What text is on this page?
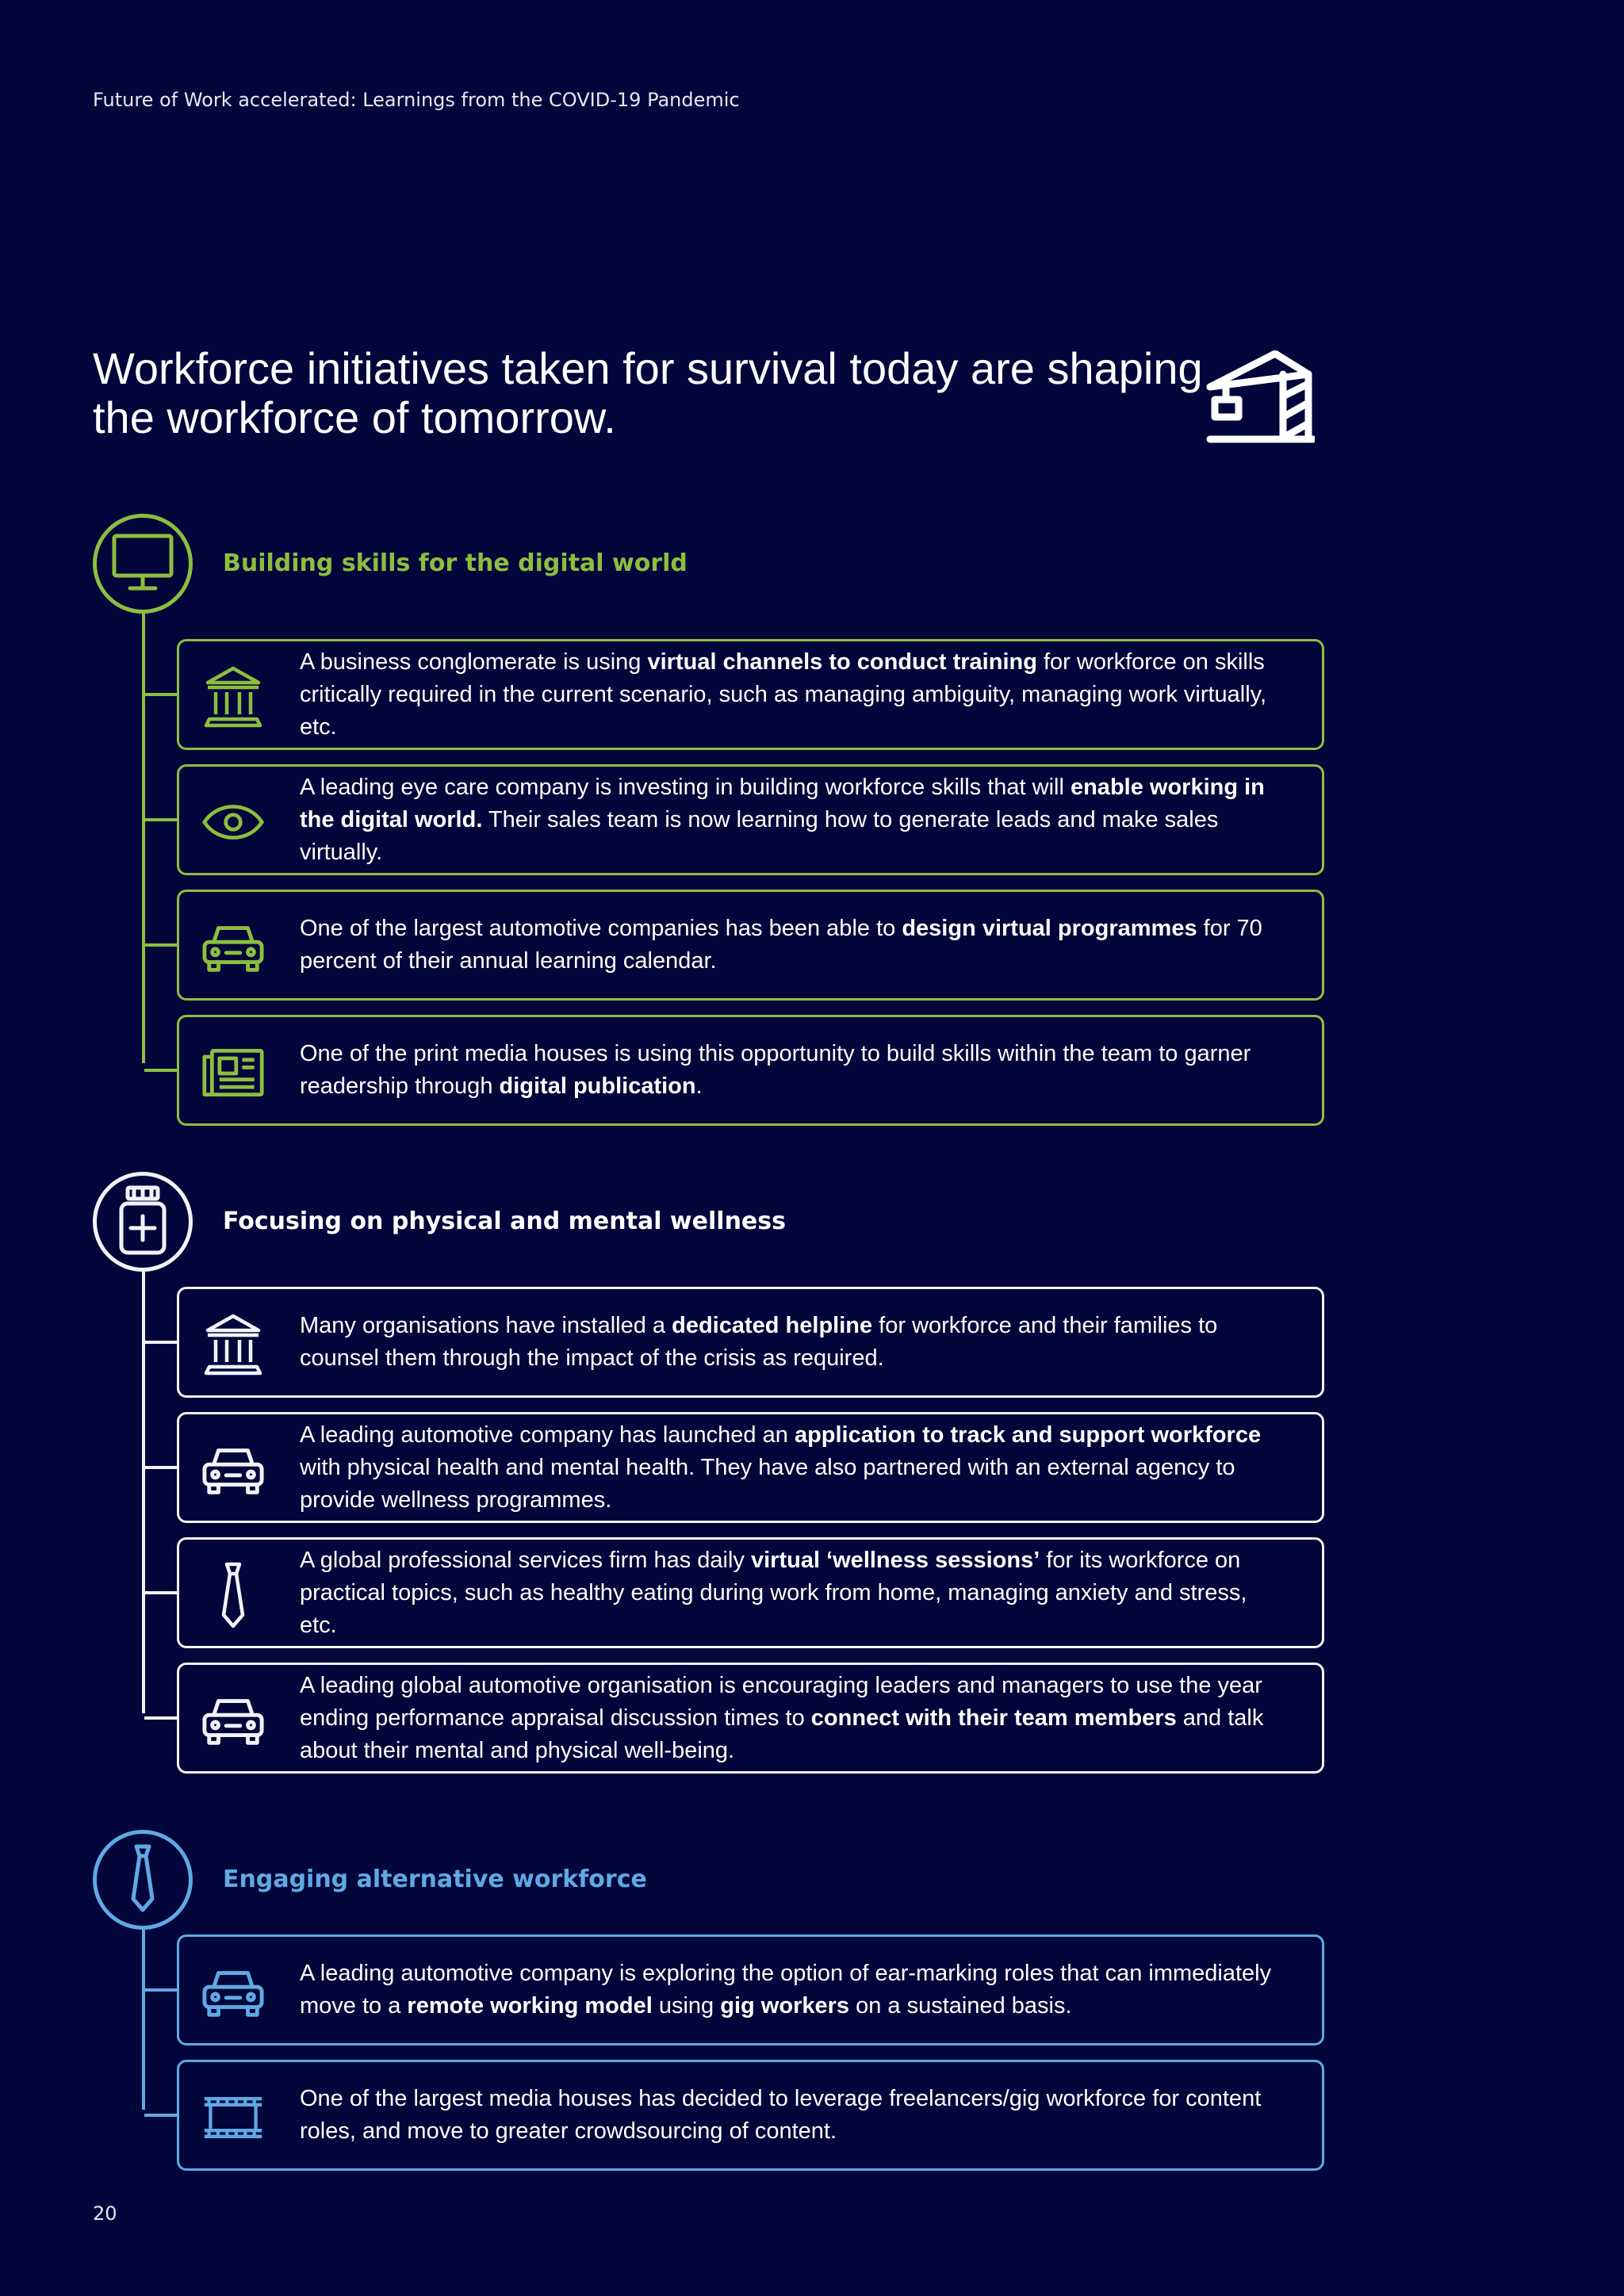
Future of Work accelerated: Learnings from the COVID-19 Pandemic
Workforce initiatives taken for survival today are shaping the workforce of tomorrow.
Building skills for the digital world

A business conglomerate is using virtual channels to conduct training for workforce on skills critically required in the current scenario, such as managing ambiguity, managing work virtually, etc.

A leading eye care company is investing in building workforce skills that will enable working in the digital world. Their sales team is now learning how to generate leads and make sales virtually.

One of the largest automotive companies has been able to design virtual programmes for 70 percent of their annual learning calendar.

One of the print media houses is using this opportunity to build skills within the team to garner readership through digital publication.

Focusing on physical and mental wellness

Many organisations have installed a dedicated helpline for workforce and their families to counsel them through the impact of the crisis as required.

A leading automotive company has launched an application to track and support workforce with physical health and mental health. They have also partnered with an external agency to provide wellness programmes.

A global professional services firm has daily virtual ‘wellness sessions’ for its workforce on practical topics, such as healthy eating during work from home, managing anxiety and stress, etc.

A leading global automotive organisation is encouraging leaders and managers to use the year ending performance appraisal discussion times to connect with their team members and talk about their mental and physical well-being.

Engaging alternative workforce

A leading automotive company is exploring the option of ear-marking roles that can immediately move to a remote working model using gig workers on a sustained basis.

One of the largest media houses has decided to leverage freelancers/gig workforce for content roles, and move to greater crowdsourcing of content.

20
